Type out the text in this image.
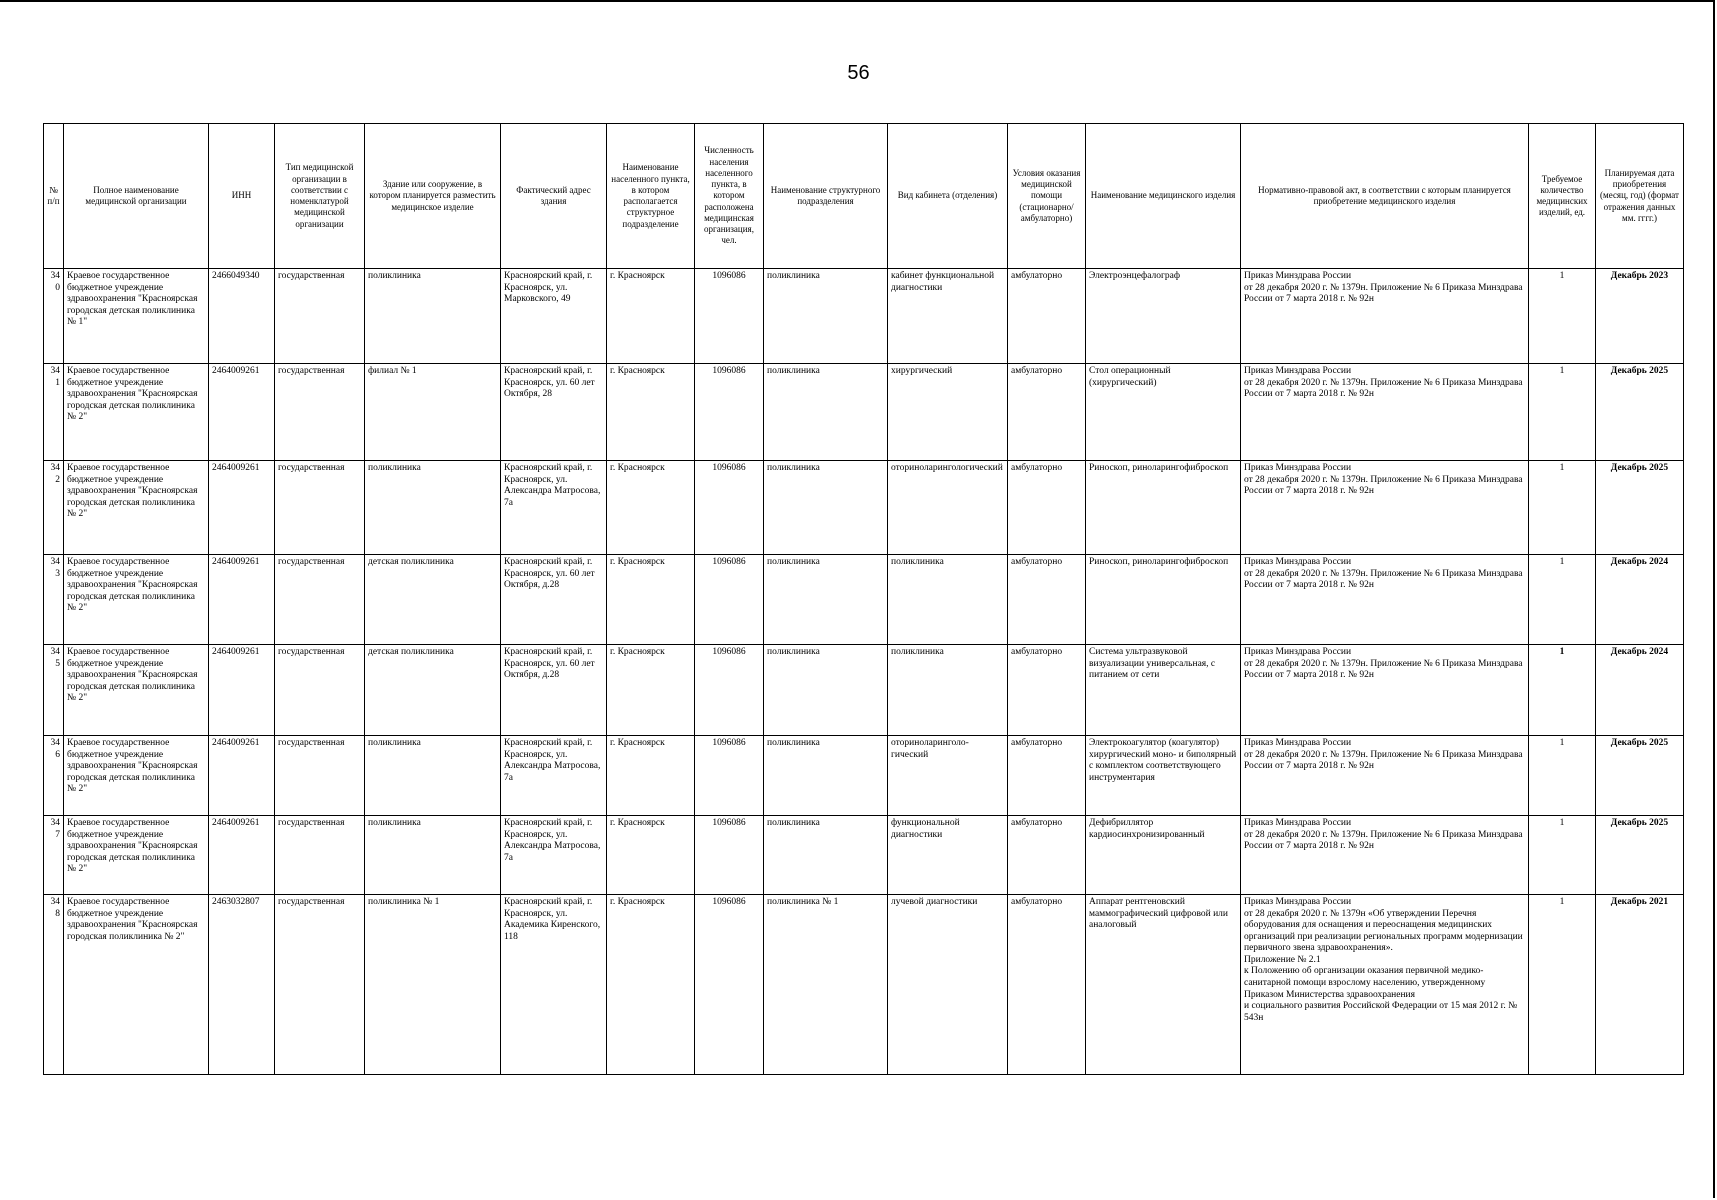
56
№ п/п	Полное наименование медицинской организации	ИНН	Тип медицинской организации в соответствии с номенклатурой медицинской организации	Здание или сооружение, в котором планируется разместить медицинское изделие	Фактический адрес здания	Наименование населенного пункта, в котором располагается структурное подразделение	Численность населения населенного пункта, в котором расположена медицинская организация, чел.	Наименование структурного подразделения	Вид кабинета (отделения)	Условия оказания медицинской помощи (стационарно/ амбулаторно)	Наименование медицинского изделия	Нормативно-правовой акт, в соответствии с которым планируется приобретение медицинского изделия	Требуемое количество медицинских изделий, ед.	Планируемая дата приобретения (месяц, год) (формат отражения данных мм. гггг.)
340	Краевое государственное бюджетное учреждение здравоохранения "Красноярская городская детская поликлиника № 1"	2466049340	государственная	поликлиника	Красноярский край, г. Красноярск, ул. Марковского, 49	г. Красноярск	1096086	поликлиника	кабинет функциональной диагностики	амбулаторно	Электроэнцефалограф	Приказ Минздрава России
от 28 декабря 2020 г. № 1379н. Приложение № 6 Приказа Минздрава России от 7 марта 2018 г. № 92н	1	Декабрь 2023
341	Краевое государственное бюджетное учреждение здравоохранения "Красноярская городская детская поликлиника № 2"	2464009261	государственная	филиал № 1	Красноярский край, г. Красноярск, ул. 60 лет Октября, 28	г. Красноярск	1096086	поликлиника	хирургический	амбулаторно	Стол операционный (хирургический)	Приказ Минздрава России
от 28 декабря 2020 г. № 1379н. Приложение № 6 Приказа Минздрава России от 7 марта 2018 г. № 92н	1	Декабрь 2025
342	Краевое государственное бюджетное учреждение здравоохранения "Красноярская городская детская поликлиника № 2"	2464009261	государственная	поликлиника	Красноярский край, г. Красноярск, ул. Александра Матросова, 7а	г. Красноярск	1096086	поликлиника	оториноларингологический	амбулаторно	Риноскоп, риноларингофиброскоп	Приказ Минздрава России
от 28 декабря 2020 г. № 1379н. Приложение № 6 Приказа Минздрава России от 7 марта 2018 г. № 92н	1	Декабрь 2025
343	Краевое государственное бюджетное учреждение здравоохранения "Красноярская городская детская поликлиника № 2"	2464009261	государственная	детская поликлиника	Красноярский край, г. Красноярск, ул. 60 лет Октября, д.28	г. Красноярск	1096086	поликлиника	поликлиника	амбулаторно	Риноскоп, риноларингофиброскоп	Приказ Минздрава России
от 28 декабря 2020 г. № 1379н. Приложение № 6 Приказа Минздрава России от 7 марта 2018 г. № 92н	1	Декабрь 2024
345	Краевое государственное бюджетное учреждение здравоохранения "Красноярская городская детская поликлиника № 2"	2464009261	государственная	детская поликлиника	Красноярский край, г. Красноярск, ул. 60 лет Октября, д.28	г. Красноярск	1096086	поликлиника	поликлиника	амбулаторно	Система ультразвуковой визуализации универсальная, с питанием от сети	Приказ Минздрава России
от 28 декабря 2020 г. № 1379н. Приложение № 6 Приказа Минздрава России от 7 марта 2018 г. № 92н	1	Декабрь 2024
346	Краевое государственное бюджетное учреждение здравоохранения "Красноярская городская детская поликлиника № 2"	2464009261	государственная	поликлиника	Красноярский край, г. Красноярск, ул. Александра Матросова, 7а	г. Красноярск	1096086	поликлиника	оториноларинголо-гический	амбулаторно	Электрокоагулятор (коагулятор) хирургический моно- и биполярный с комплектом соответствующего инструментария	Приказ Минздрава России
от 28 декабря 2020 г. № 1379н. Приложение № 6 Приказа Минздрава России от 7 марта 2018 г. № 92н	1	Декабрь 2025
347	Краевое государственное бюджетное учреждение здравоохранения "Красноярская городская детская поликлиника № 2"	2464009261	государственная	поликлиника	Красноярский край, г. Красноярск, ул. Александра Матросова, 7а	г. Красноярск	1096086	поликлиника	функциональной диагностики	амбулаторно	Дефибриллятор кардиосинхронизированный	Приказ Минздрава России
от 28 декабря 2020 г. № 1379н. Приложение № 6 Приказа Минздрава России от 7 марта 2018 г. № 92н	1	Декабрь 2025
348	Краевое государственное бюджетное учреждение здравоохранения "Красноярская городская поликлиника № 2"	2463032807	государственная	поликлиника № 1	Красноярский край, г. Красноярск, ул. Академика Киренского, 118	г. Красноярск	1096086	поликлиника № 1	лучевой диагностики	амбулаторно	Аппарат рентгеновский маммографический цифровой или аналоговый	Приказ Минздрава России
от 28 декабря 2020 г. № 1379н «Об утверждении Перечня оборудования для оснащения и переоснащения медицинских организаций при реализации региональных программ модернизации первичного звена здравоохранения».
Приложение № 2.1
к Положению об организации оказания первичной медико-санитарной помощи взрослому населению, утвержденному Приказом Министерства здравоохранения
и социального развития Российской Федерации от 15 мая 2012 г. № 543н	1	Декабрь 2021
